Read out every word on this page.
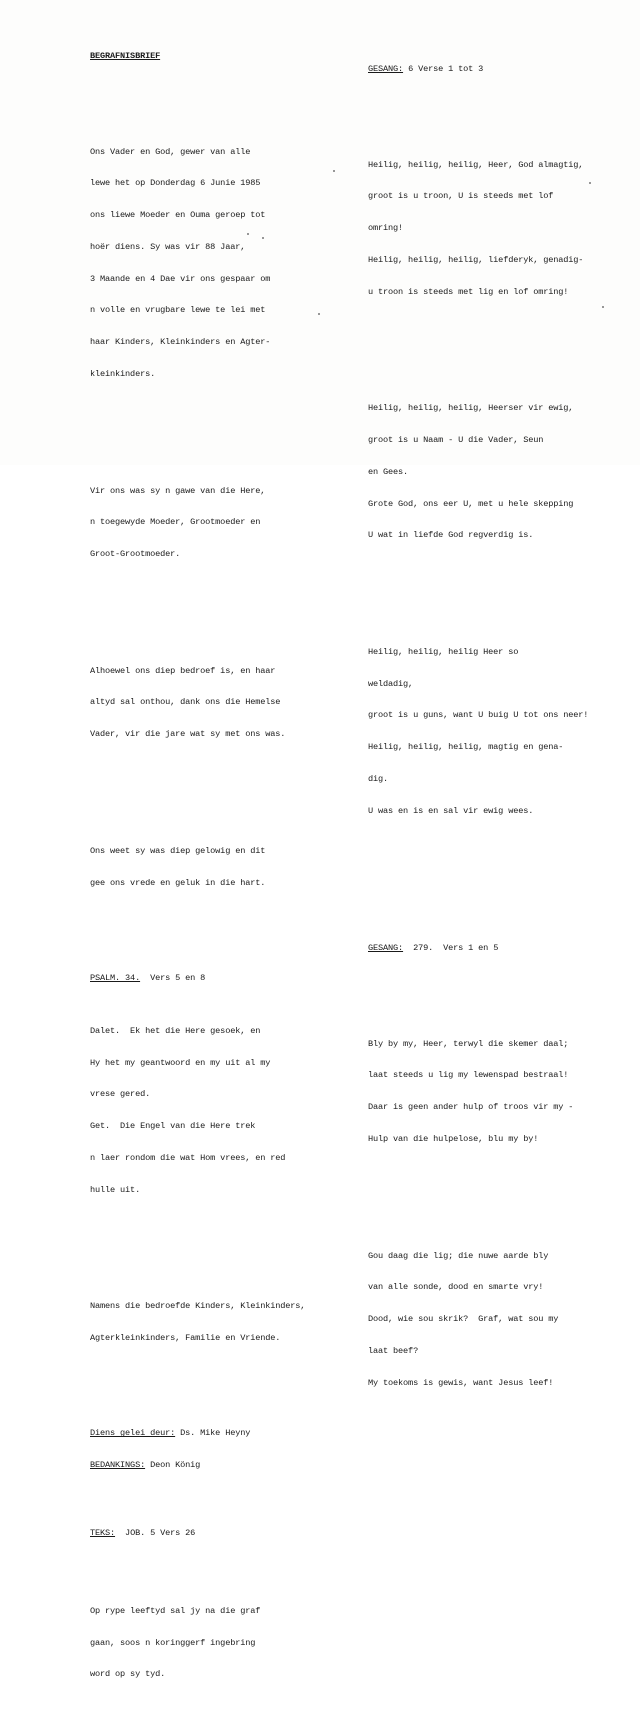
BEGRAFNISBRIEF

Ons Vader en God, gewer van alle

lewe het op Donderdag 6 Junie 1985

ons liewe Moeder en Ouma geroep tot

hoër diens. Sy was vir 88 Jaar,

3 Maande en 4 Dae vir ons gespaar om

n volle en vrugbare lewe te lei met

haar Kinders, Kleinkinders en Agter-

kleinkinders.

Vir ons was sy n gawe van die Here,

n toegewyde Moeder, Grootmoeder en

Groot-Grootmoeder.

Alhoewel ons diep bedroef is, en haar

altyd sal onthou, dank ons die Hemelse

Vader, vir die jare wat sy met ons was.

Ons weet sy was diep gelowig en dit

gee ons vrede en geluk in die hart.

PSALM. 34.  Vers 5 en 8

Dalet.  Ek het die Here gesoek, en

Hy het my geantwoord en my uit al my

vrese gered.

Get.  Die Engel van die Here trek

n laer rondom die wat Hom vrees, en red

hulle uit.

Namens die bedroefde Kinders, Kleinkinders,

Agterkleinkinders, Familie en Vriende.

Diens gelei deur: Ds. Mike Heyny

BEDANKINGS: Deon König

TEKS:  JOB. 5 Vers 26

Op rype leeftyd sal jy na die graf

gaan, soos n koringgerf ingebring

word op sy tyd.

GESANG: 6 Verse 1 tot 3

Heilig, heilig, heilig, Heer, God almagtig,

groot is u troon, U is steeds met lof

omring!

Heilig, heilig, heilig, liefderyk, genadig-

u troon is steeds met lig en lof omring!

Heilig, heilig, heilig, Heerser vir ewig,

groot is u Naam - U die Vader, Seun

en Gees.

Grote God, ons eer U, met u hele skepping

U wat in liefde God regverdig is.

Heilig, heilig, heilig Heer so

weldadig,

groot is u guns, want U buig U tot ons neer!

Heilig, heilig, heilig, magtig en gena-

dig.

U was en is en sal vir ewig wees.

GESANG:  279.  Vers 1 en 5

Bly by my, Heer, terwyl die skemer daal;

laat steeds u lig my lewenspad bestraal!

Daar is geen ander hulp of troos vir my -

Hulp van die hulpelose, blu my by!

Gou daag die lig; die nuwe aarde bly

van alle sonde, dood en smarte vry!

Dood, wie sou skrik?  Graf, wat sou my

laat beef?

My toekoms is gewis, want Jesus leef!
